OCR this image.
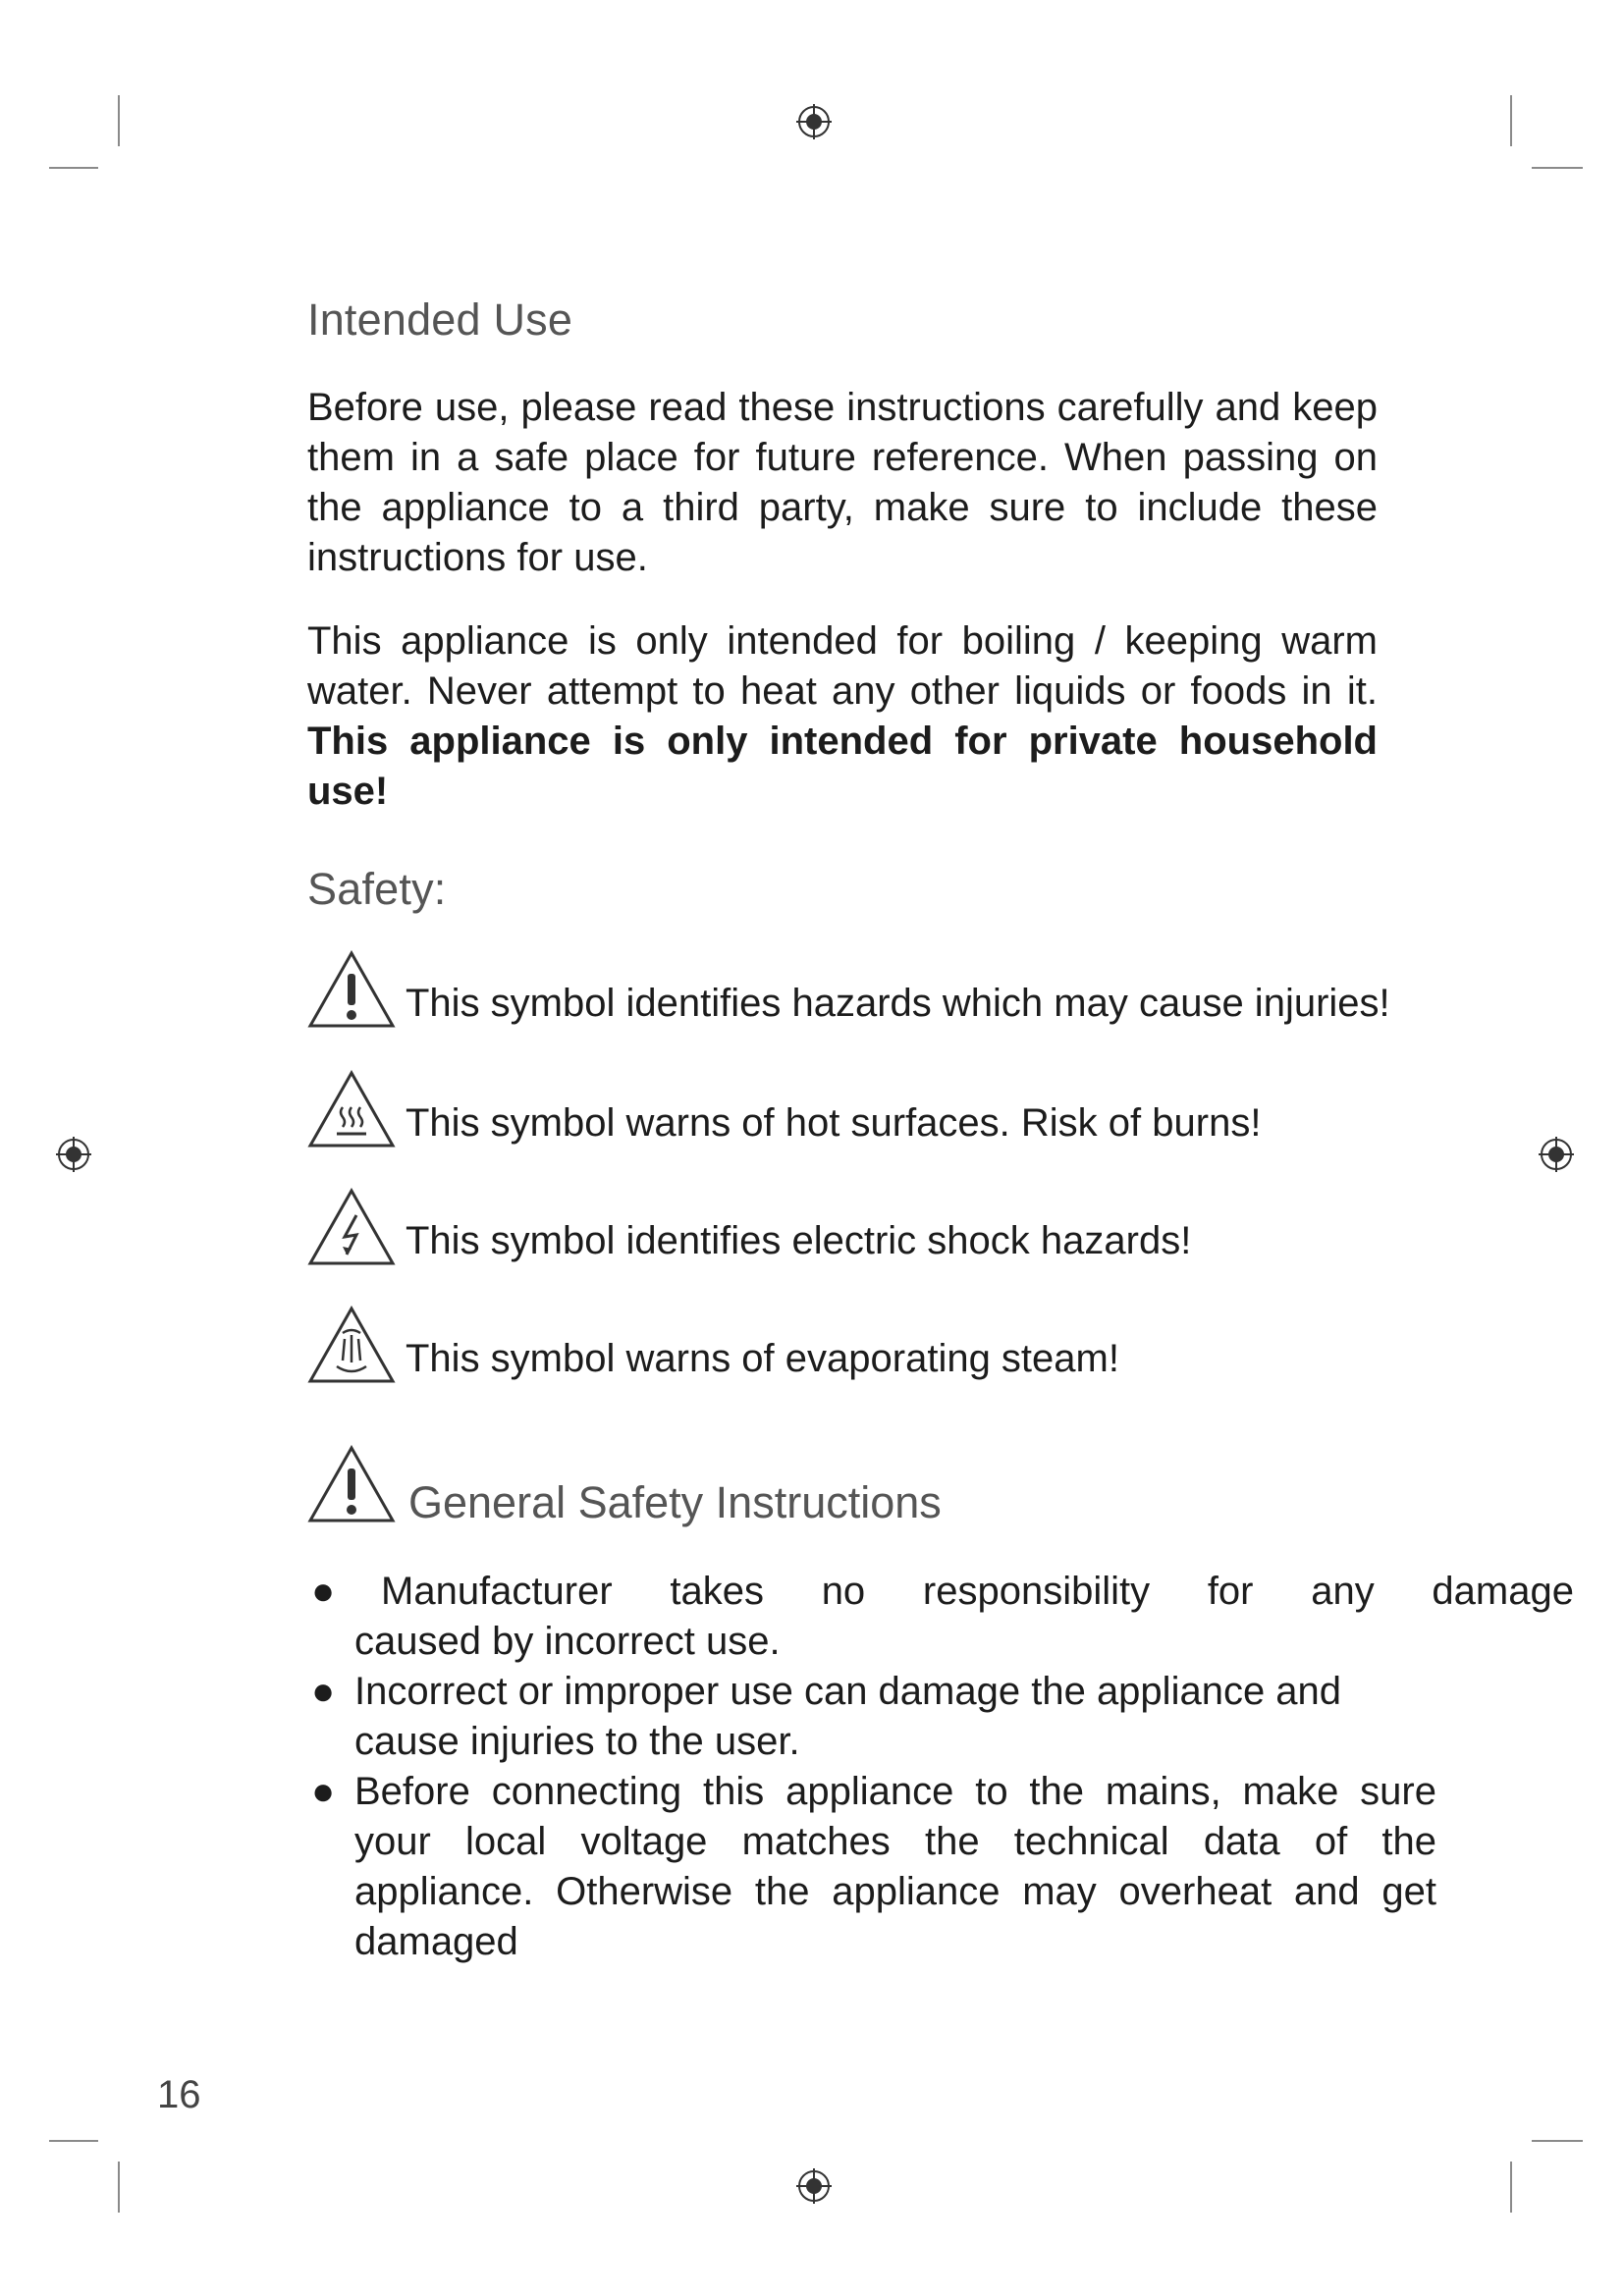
Intended Use

Before use, please read these instructions carefully and keep them in a safe place for future reference. When passing on the appliance to a third party, make sure to include these instructions for use.

This appliance is only intended for boiling / keeping warm water. Never attempt to heat any other liquids or foods in it. This appliance is only intended for private household use!

Safety:
This symbol identifies hazards which may cause injuries!
This symbol warns of hot surfaces. Risk of burns!
This symbol identifies electric shock hazards!
This symbol warns of evaporating steam!
General Safety Instructions
● Manufacturer takes no responsibility for any damage
caused by incorrect use.
● Incorrect or improper use can damage the appliance and cause injuries to the user.
● Before connecting this appliance to the mains, make sure your local voltage matches the technical data of the appliance. Otherwise the appliance may overheat and get damaged
16
